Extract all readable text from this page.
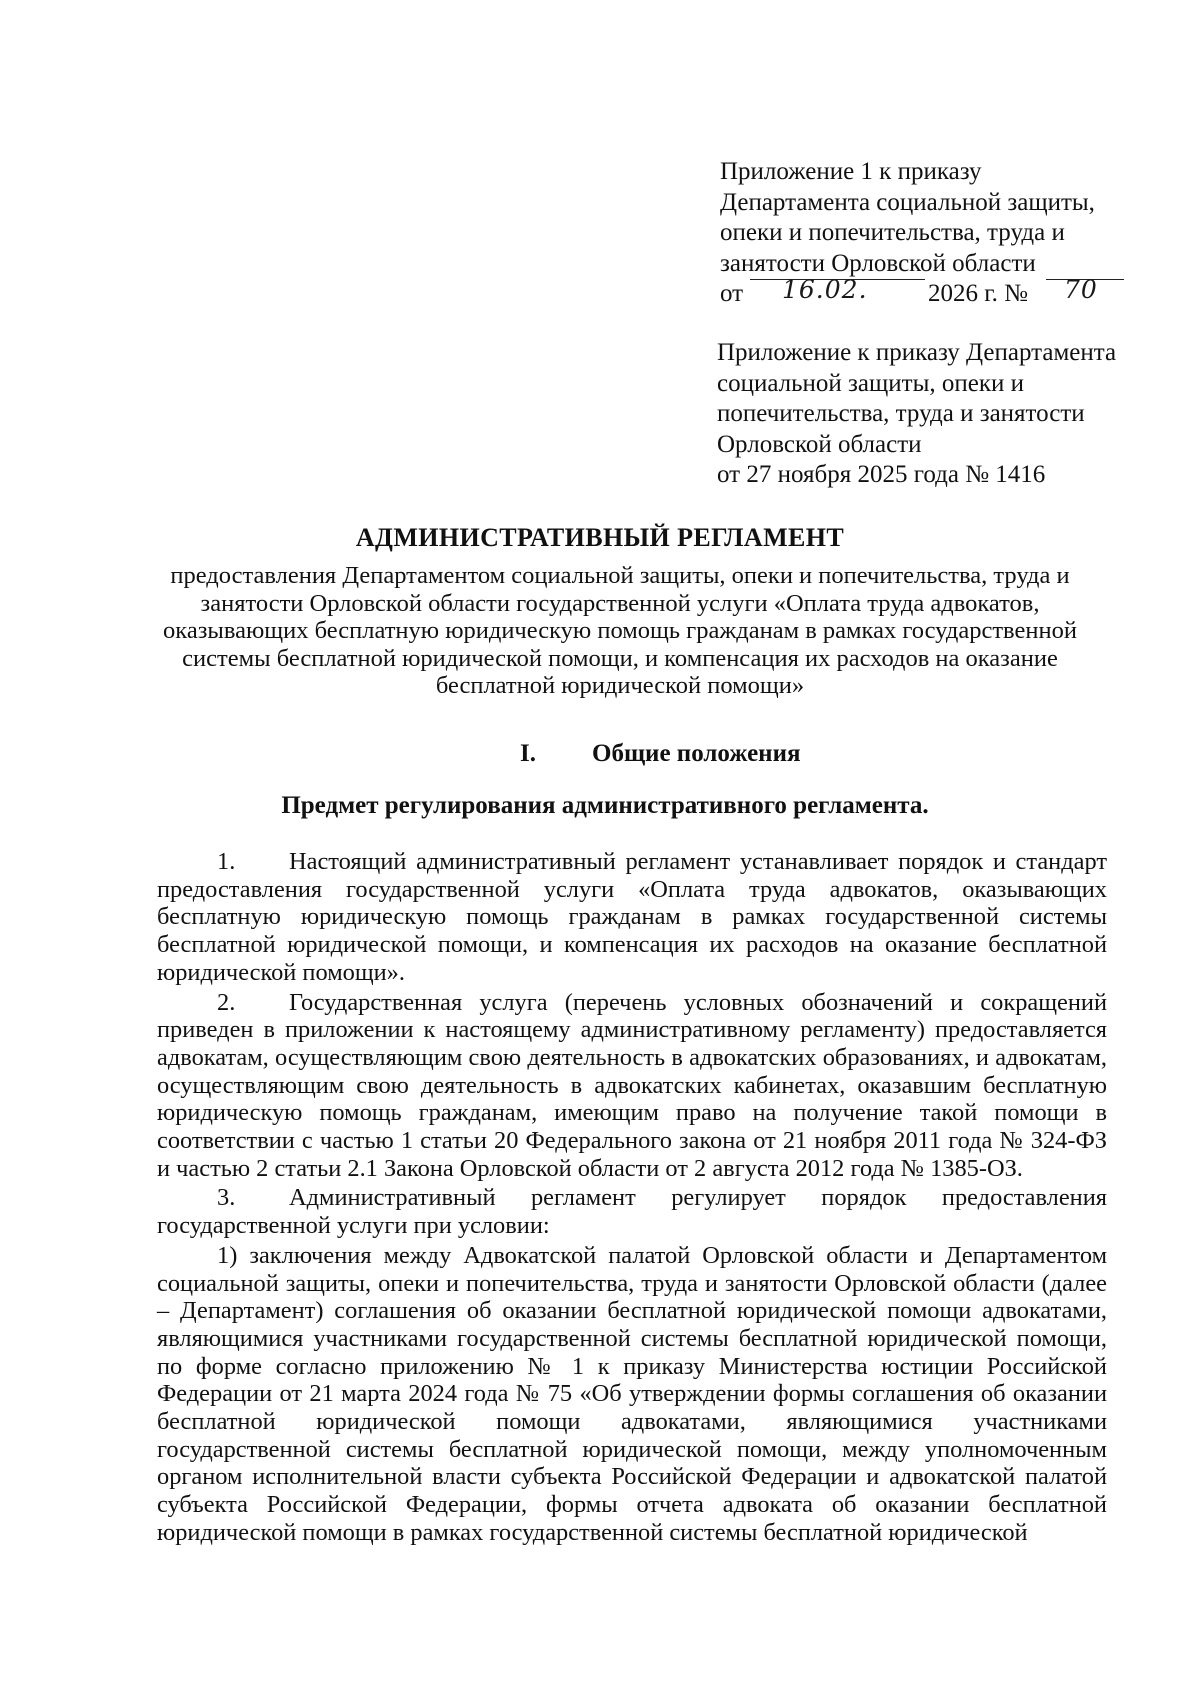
Приложение 1 к приказу
Департамента социальной защиты,
опеки и попечительства, труда и
занятости Орловской области
от 16.02. 2026 г. № 70
Приложение к приказу Департамента
социальной защиты, опеки и
попечительства, труда и занятости
Орловской области
от 27 ноября 2025 года № 1416
АДМИНИСТРАТИВНЫЙ РЕГЛАМЕНТ
предоставления Департаментом социальной защиты, опеки и попечительства, труда и
занятости Орловской области государственной услуги «Оплата труда адвокатов,
оказывающих бесплатную юридическую помощь гражданам в рамках государственной
системы бесплатной юридической помощи, и компенсация их расходов на оказание
бесплатной юридической помощи»
I. Общие положения
Предмет регулирования административного регламента.

1. Настоящий административный регламент устанавливает порядок и стандарт предоставления государственной услуги «Оплата труда адвокатов, оказывающих бесплатную юридическую помощь гражданам в рамках государственной системы бесплатной юридической помощи, и компенсация их расходов на оказание бесплатной юридической помощи».

2. Государственная услуга (перечень условных обозначений и сокращений приведен в приложении к настоящему административному регламенту) предоставляется адвокатам, осуществляющим свою деятельность в адвокатских образованиях, и адвокатам, осуществляющим свою деятельность в адвокатских кабинетах, оказавшим бесплатную юридическую помощь гражданам, имеющим право на получение такой помощи в соответствии с частью 1 статьи 20 Федерального закона от 21 ноября 2011 года № 324-ФЗ и частью 2 статьи 2.1 Закона Орловской области от 2 августа 2012 года № 1385-ОЗ.

3. Административный регламент регулирует порядок предоставления государственной услуги при условии:

1) заключения между Адвокатской палатой Орловской области и Департаментом социальной защиты, опеки и попечительства, труда и занятости Орловской области (далее – Департамент) соглашения об оказании бесплатной юридической помощи адвокатами, являющимися участниками государственной системы бесплатной юридической помощи, по форме согласно приложению № 1 к приказу Министерства юстиции Российской Федерации от 21 марта 2024 года № 75 «Об утверждении формы соглашения об оказании бесплатной юридической помощи адвокатами, являющимися участниками государственной системы бесплатной юридической помощи, между уполномоченным органом исполнительной власти субъекта Российской Федерации и адвокатской палатой субъекта Российской Федерации, формы отчета адвоката об оказании бесплатной юридической помощи в рамках государственной системы бесплатной юридической
